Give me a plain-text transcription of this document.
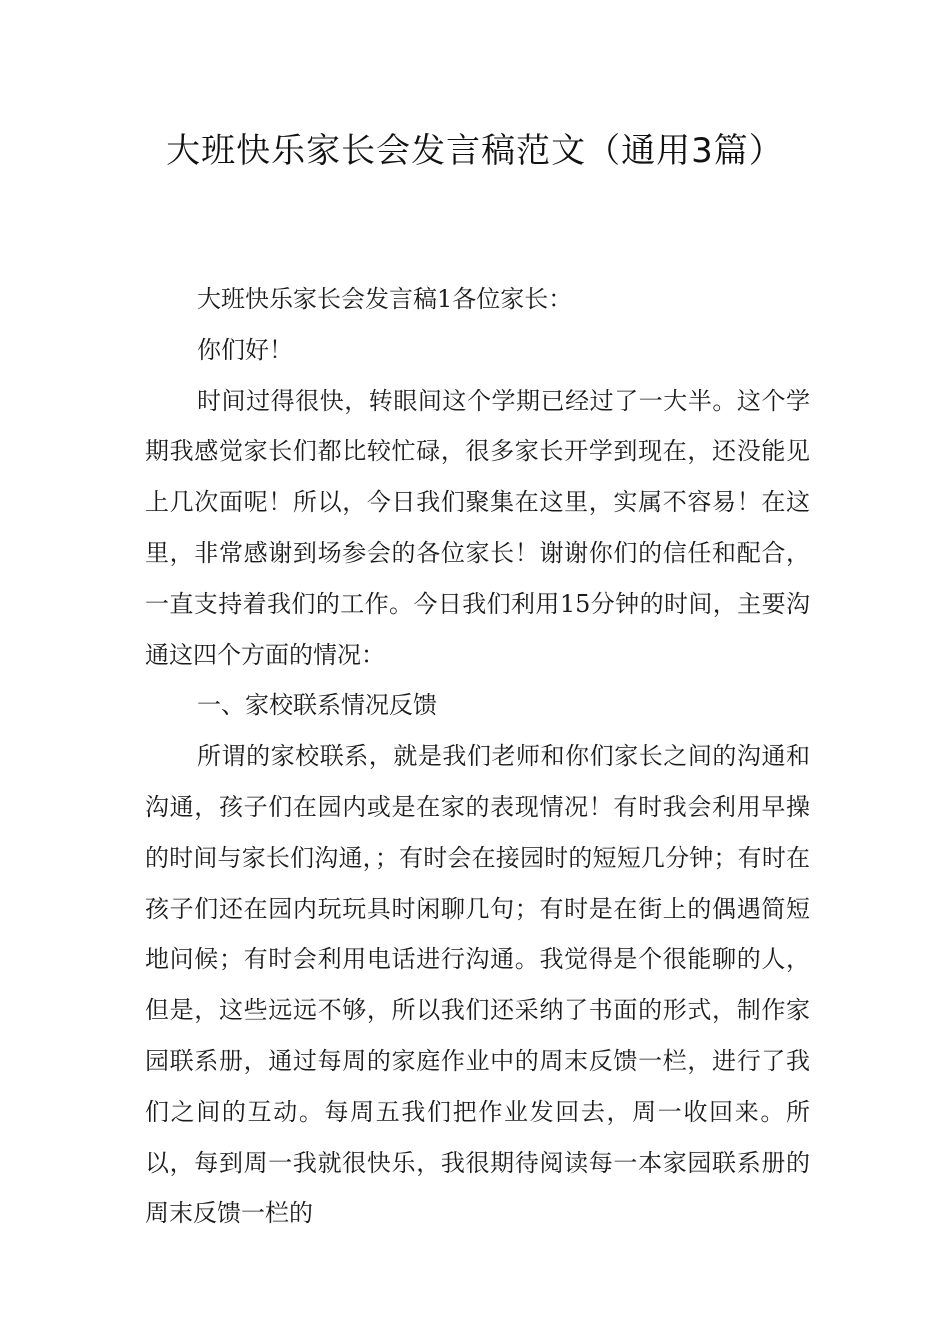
大班快乐家长会发言稿范文（通用3篇）

大班快乐家长会发言稿1各位家长：

你们好！

时间过得很快，转眼间这个学期已经过了一大半。这个学期我感觉家长们都比较忙碌，很多家长开学到现在，还没能见上几次面呢！所以，今日我们聚集在这里，实属不容易！在这里，非常感谢到场参会的各位家长！谢谢你们的信任和配合，一直支持着我们的工作。今日我们利用15分钟的时间，主要沟通这四个方面的情况：

一、家校联系情况反馈

所谓的家校联系，就是我们老师和你们家长之间的沟通和沟通，孩子们在园内或是在家的表现情况！有时我会利用早操的时间与家长们沟通，；有时会在接园时的短短几分钟；有时在孩子们还在园内玩玩具时闲聊几句；有时是在街上的偶遇简短地问候；有时会利用电话进行沟通。我觉得是个很能聊的人，但是，这些远远不够，所以我们还采纳了书面的形式，制作家园联系册，通过每周的家庭作业中的周末反馈一栏，进行了我们之间的互动。每周五我们把作业发回去，周一收回来。所以，每到周一我就很快乐，我很期待阅读每一本家园联系册的周末反馈一栏的
